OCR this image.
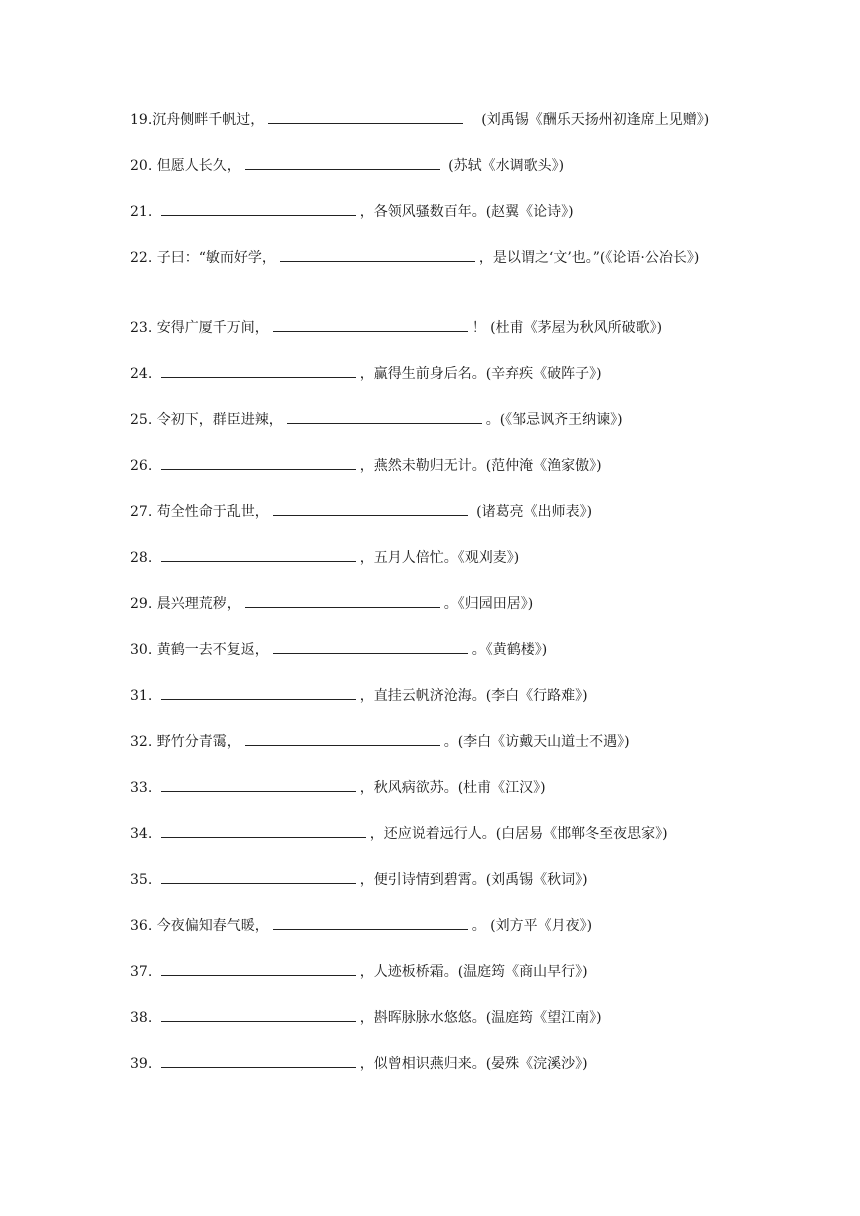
19.沉舟侧畔千帆过，	　(刘禹锡《酬乐天扬州初逢席上见赠》)
20. 但愿人长久，	(苏轼《水调歌头》)
21.	，各领风骚数百年。(赵翼《论诗》)
22. 子曰：“敏而好学，	，是以谓之‘文’也。”(《论语·公冶长》)
23. 安得广厦千万间，	！ (杜甫《茅屋为秋风所破歌》)
24.	，赢得生前身后名。(辛弃疾《破阵子》)
25. 令初下，群臣进辣，	。(《邹忌讽齐王纳谏》)
26.	，燕然未勒归无计。(范仲淹《渔家傲》)
27. 苟全性命于乱世，	(诸葛亮《出师表》)
28.	，五月人倍忙。《观刈麦》)
29. 晨兴理荒秽，	。《归园田居》)
30. 黄鹤一去不复返，	。《黄鹤楼》)
31.	，直挂云帆济沧海。(李白《行路难》)
32. 野竹分青霭，	。(李白《访戴天山道士不遇》)
33.	，秋风病欲苏。(杜甫《江汉》)
34.	，还应说着远行人。(白居易《邯郸冬至夜思家》)
35.	，便引诗情到碧霄。(刘禹锡《秋词》)
36. 今夜偏知春气暖，	。 (刘方平《月夜》)
37.	，人迹板桥霜。(温庭筠《商山早行》)
38.	，斟晖脉脉水悠悠。(温庭筠《望江南》)
39.	，似曾相识燕归来。(晏殊《浣溪沙》)
